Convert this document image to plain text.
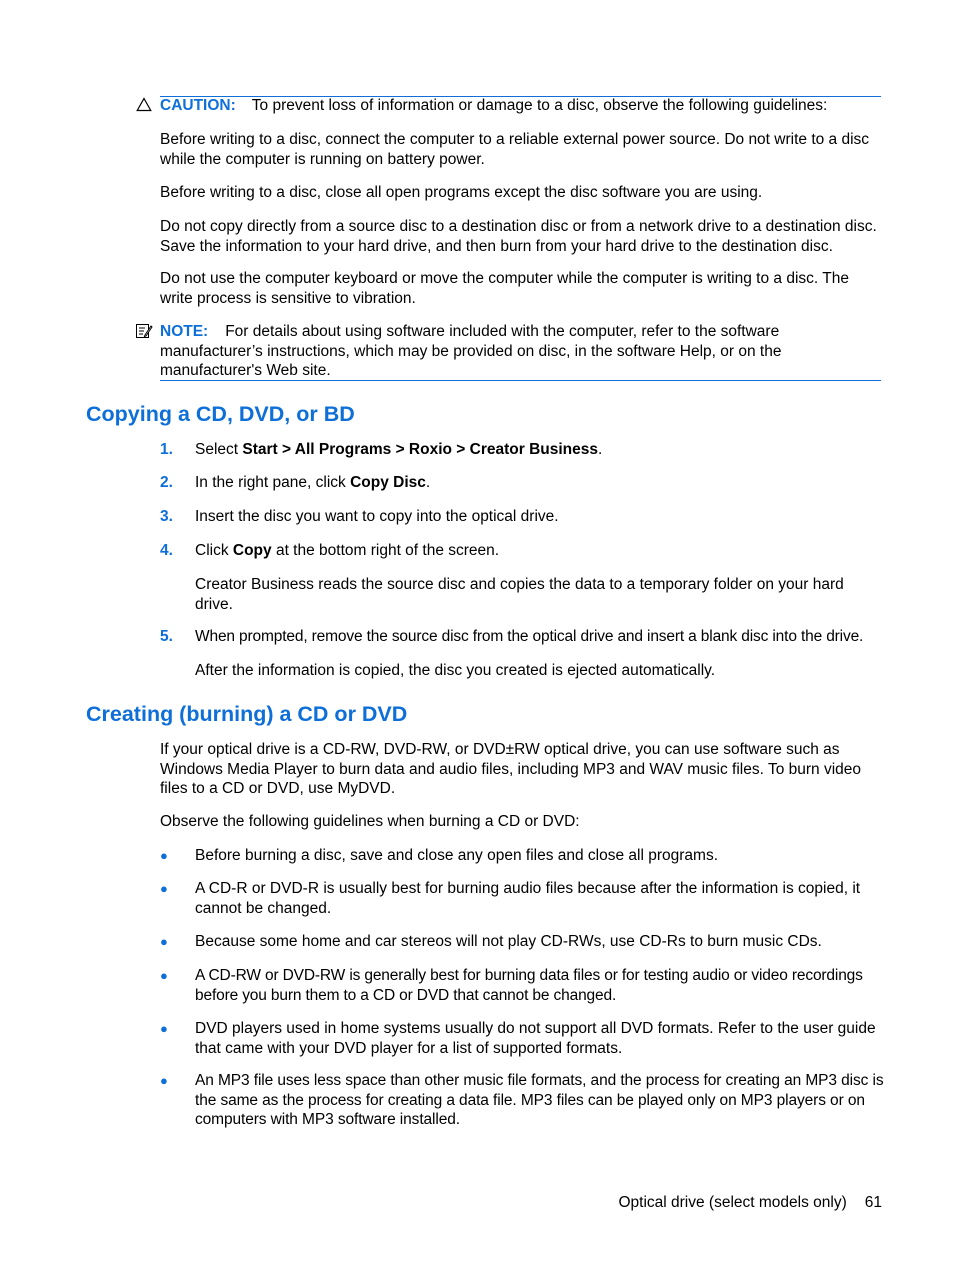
CAUTION: To prevent loss of information or damage to a disc, observe the following guidelines:

Before writing to a disc, connect the computer to a reliable external power source. Do not write to a disc while the computer is running on battery power.

Before writing to a disc, close all open programs except the disc software you are using.

Do not copy directly from a source disc to a destination disc or from a network drive to a destination disc. Save the information to your hard drive, and then burn from your hard drive to the destination disc.

Do not use the computer keyboard or move the computer while the computer is writing to a disc. The write process is sensitive to vibration.

NOTE: For details about using software included with the computer, refer to the software manufacturer’s instructions, which may be provided on disc, in the software Help, or on the manufacturer's Web site.

Copying a CD, DVD, or BD
1. Select Start > All Programs > Roxio > Creator Business.

2. In the right pane, click Copy Disc.

3. Insert the disc you want to copy into the optical drive.

4. Click Copy at the bottom right of the screen.

Creator Business reads the source disc and copies the data to a temporary folder on your hard drive.

5. When prompted, remove the source disc from the optical drive and insert a blank disc into the drive.

After the information is copied, the disc you created is ejected automatically.

Creating (burning) a CD or DVD

If your optical drive is a CD-RW, DVD-RW, or DVD±RW optical drive, you can use software such as Windows Media Player to burn data and audio files, including MP3 and WAV music files. To burn video files to a CD or DVD, use MyDVD.

Observe the following guidelines when burning a CD or DVD:

● Before burning a disc, save and close any open files and close all programs.

● A CD-R or DVD-R is usually best for burning audio files because after the information is copied, it cannot be changed.

● Because some home and car stereos will not play CD-RWs, use CD-Rs to burn music CDs.

● A CD-RW or DVD-RW is generally best for burning data files or for testing audio or video recordings before you burn them to a CD or DVD that cannot be changed.

● DVD players used in home systems usually do not support all DVD formats. Refer to the user guide that came with your DVD player for a list of supported formats.

● An MP3 file uses less space than other music file formats, and the process for creating an MP3 disc is the same as the process for creating a data file. MP3 files can be played only on MP3 players or on computers with MP3 software installed.

Optical drive (select models only) 61
